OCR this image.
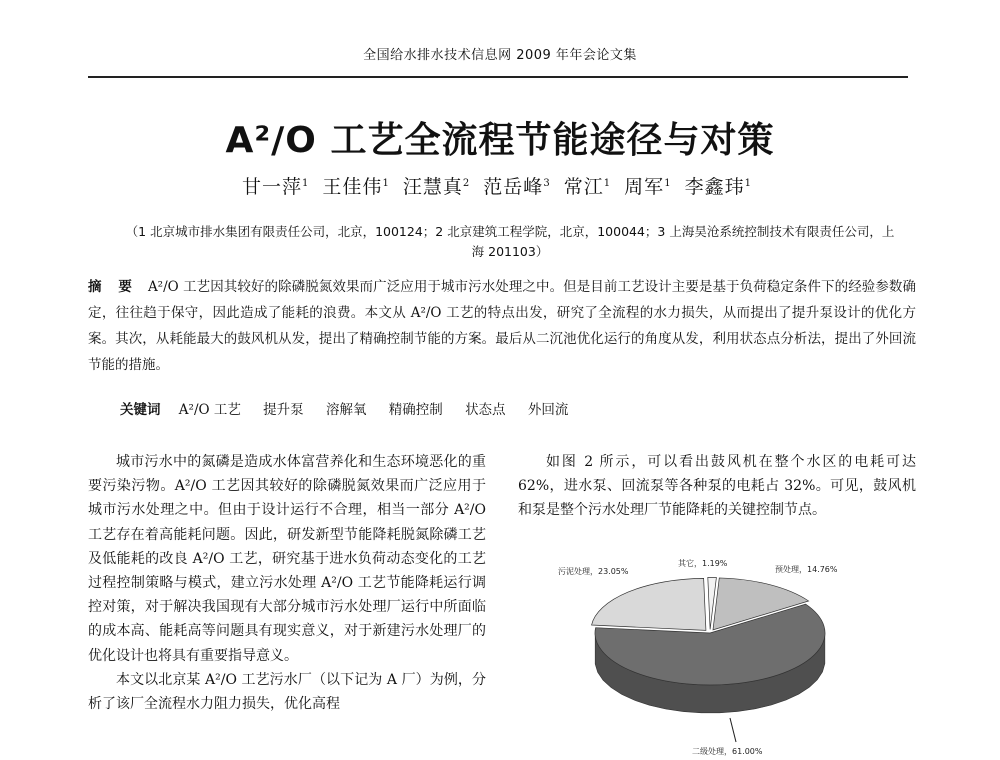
全国给水排水技术信息网 2009 年年会论文集
A²/O 工艺全流程节能途径与对策
甘一萍$^1$ 王佳伟$^1$ 汪慧真$^2$ 范岳峰$^3$ 常江$^1$ 周军$^1$ 李鑫玮$^1$
（1 北京城市排水集团有限责任公司，北京，100124；2 北京建筑工程学院，北京，100044；3 上海昊沧系统控制技术有限责任公司，上海 201103）
摘 要 A²/O 工艺因其较好的除磷脱氮效果而广泛应用于城市污水处理之中。但是目前工艺设计主要是基于负荷稳定条件下的经验参数确定，往往趋于保守，因此造成了能耗的浪费。本文从 A²/O 工艺的特点出发，研究了全流程的水力损失，从而提出了提升泵设计的优化方案。其次，从耗能最大的鼓风机从发，提出了精确控制节能的方案。最后从二沉池优化运行的角度从发，利用状态点分析法，提出了外回流节能的措施。
关键词 A²/O 工艺 提升泵 溶解氧 精确控制 状态点 外回流

城市污水中的氮磷是造成水体富营养化和生态环境恶化的重要污染污物。A²/O 工艺因其较好的除磷脱氮效果而广泛应用于城市污水处理之中。但由于设计运行不合理，相当一部分 A²/O 工艺存在着高能耗问题。因此，研发新型节能降耗脱氮除磷工艺及低能耗的改良 A²/O 工艺，研究基于进水负荷动态变化的工艺过程控制策略与模式，建立污水处理 A²/O 工艺节能降耗运行调控对策，对于解决我国现有大部分城市污水处理厂运行中所面临的成本高、能耗高等问题具有现实意义，对于新建污水处理厂的优化设计也将具有重要指导意义。

本文以北京某 A²/O 工艺污水厂（以下记为 A 厂）为例，分析了该厂全流程水力阻力损失，优化高程

如图 2 所示，可以看出鼓风机在整个水区的电耗可达 62%，进水泵、回流泵等各种泵的电耗占 32%。可见，鼓风机和泵是整个污水处理厂节能降耗的关键控制节点。

污泥处理，23.05%
其它，1.19%
预处理，14.76%
二级处理，61.00%
